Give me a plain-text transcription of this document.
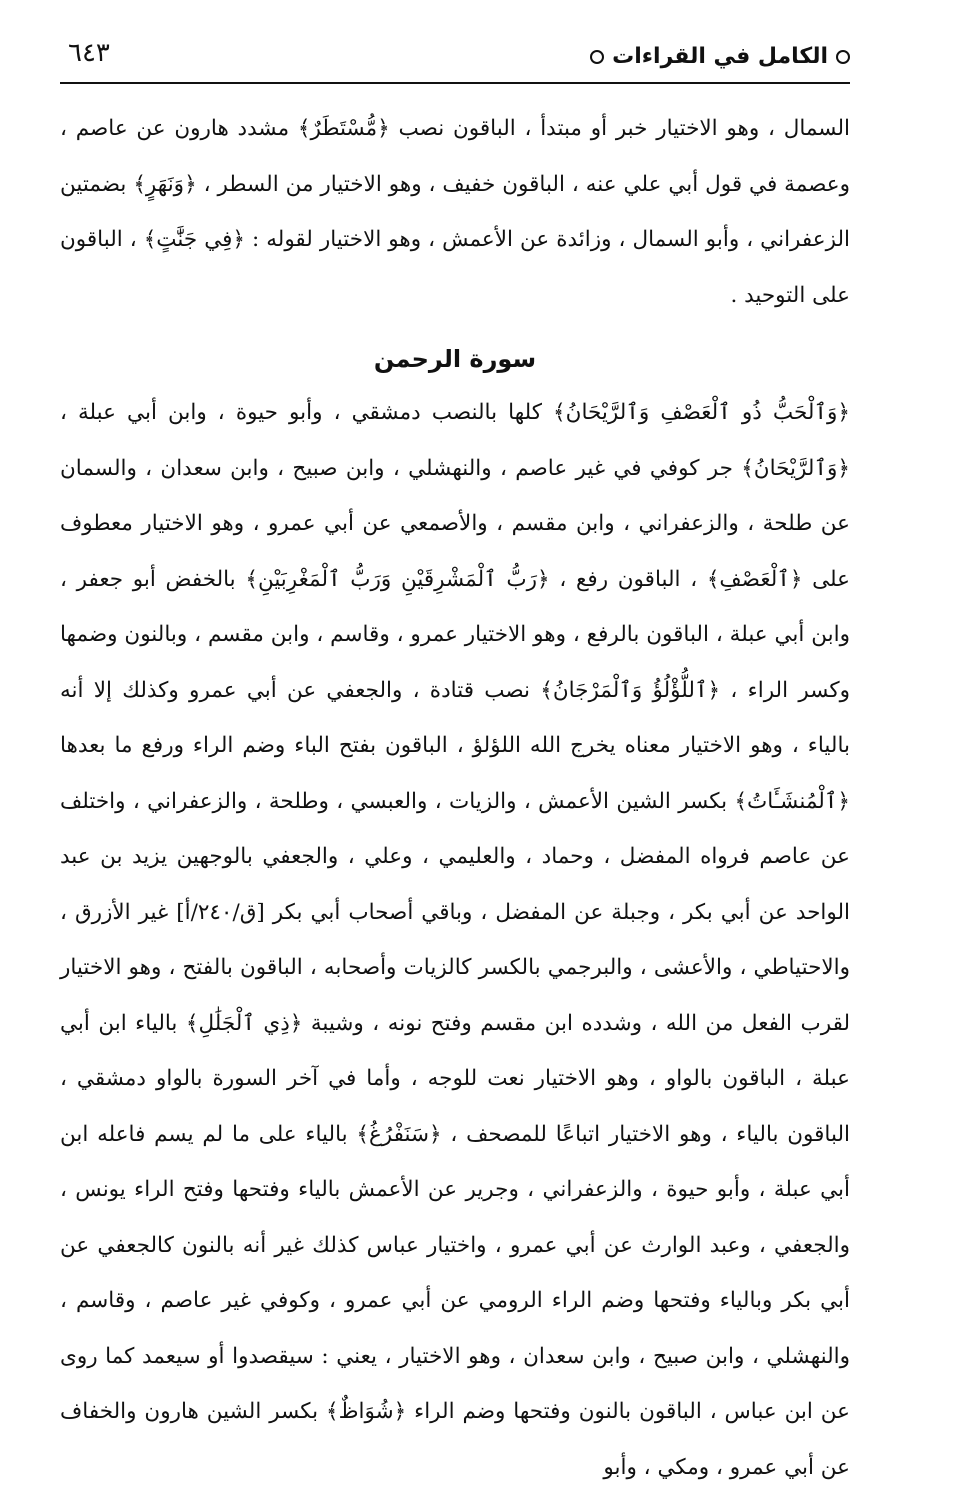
الكامل في القراءات
٦٤٣

السمال ، وهو الاختيار خبر أو مبتدأ ، الباقون نصب ﴿مُّسْتَطَرٌ﴾ مشدد هارون عن عاصم ، وعصمة في قول أبي علي عنه ، الباقون خفيف ، وهو الاختيار من السطر ، ﴿وَنَهَرٍ﴾ بضمتين الزعفراني ، وأبو السمال ، وزائدة عن الأعمش ، وهو الاختيار لقوله : ﴿فِي جَنَّٰتٍ﴾ ، الباقون على التوحيد .

سورة الرحمن

﴿وَٱلْحَبُّ ذُو ٱلْعَصْفِ وَٱلرَّيْحَانُ﴾ كلها بالنصب دمشقي ، وأبو حيوة ، وابن أبي عبلة ، ﴿وَٱلرَّيْحَانُ﴾ جر كوفي في غير عاصم ، والنهشلي ، وابن صبيح ، وابن سعدان ، والسمان عن طلحة ، والزعفراني ، وابن مقسم ، والأصمعي عن أبي عمرو ، وهو الاختيار معطوف على ﴿ٱلْعَصْفِ﴾ ، الباقون رفع ، ﴿رَبُّ ٱلْمَشْرِقَيْنِ وَرَبُّ ٱلْمَغْرِبَيْنِ﴾ بالخفض أبو جعفر ، وابن أبي عبلة ، الباقون بالرفع ، وهو الاختيار عمرو ، وقاسم ، وابن مقسم ، وبالنون وضمها وكسر الراء ، ﴿ٱللُّؤْلُؤُ وَٱلْمَرْجَانُ﴾ نصب قتادة ، والجعفي عن أبي عمرو وكذلك إلا أنه بالياء ، وهو الاختيار معناه يخرج الله اللؤلؤ ، الباقون بفتح الباء وضم الراء ورفع ما بعدها ﴿ٱلْمُنشَـَٔاتُ﴾ بكسر الشين الأعمش ، والزيات ، والعبسي ، وطلحة ، والزعفراني ، واختلف عن عاصم فرواه المفضل ، وحماد ، والعليمي ، وعلي ، والجعفي بالوجهين يزيد بن عبد الواحد عن أبي بكر ، وجبلة عن المفضل ، وباقي أصحاب أبي بكر [ق/٢٤٠/أ] غير الأزرق ، والاحتياطي ، والأعشى ، والبرجمي بالكسر كالزيات وأصحابه ، الباقون بالفتح ، وهو الاختيار لقرب الفعل من الله ، وشدده ابن مقسم وفتح نونه ، وشيبة ﴿ذِي ٱلْجَلَٰلِ﴾ بالياء ابن أبي عبلة ، الباقون بالواو ، وهو الاختيار نعت للوجه ، وأما في آخر السورة بالواو دمشقي ، الباقون بالياء ، وهو الاختيار اتباعًا للمصحف ، ﴿سَنَفْرُغُ﴾ بالياء على ما لم يسم فاعله ابن أبي عبلة ، وأبو حيوة ، والزعفراني ، وجرير عن الأعمش بالياء وفتحها وفتح الراء يونس ، والجعفي ، وعبد الوارث عن أبي عمرو ، واختيار عباس كذلك غير أنه بالنون كالجعفي عن أبي بكر وبالياء وفتحها وضم الراء الرومي عن أبي عمرو ، وكوفي غير عاصم ، وقاسم ، والنهشلي ، وابن صبيح ، وابن سعدان ، وهو الاختيار ، يعني : سيقصدوا أو سيعمد كما روى عن ابن عباس ، الباقون بالنون وفتحها وضم الراء ﴿شُوَاظٌ﴾ بكسر الشين هارون والخفاف عن أبي عمرو ، ومكي ، وأبو
